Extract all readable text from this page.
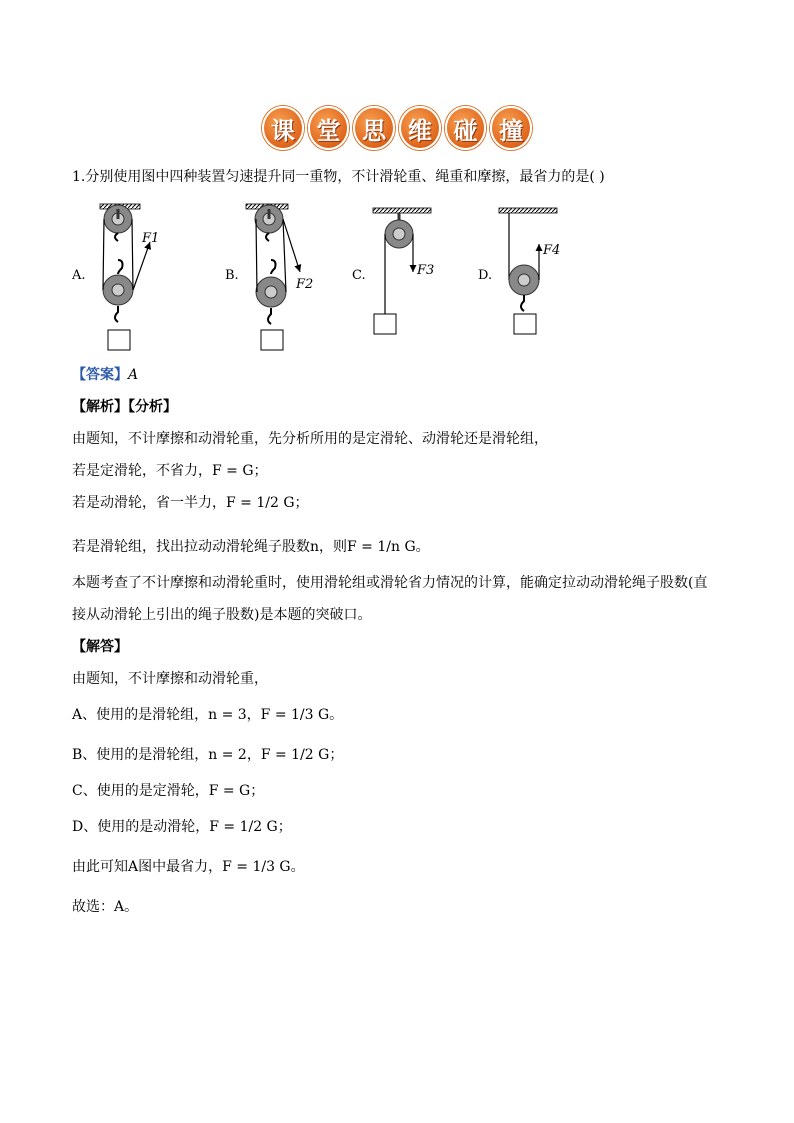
课 堂 思 维 碰 撞
1.分别使用图中四种装置匀速提升同一重物，不计滑轮重、绳重和摩擦，最省力的是( )
A.	B.	C.	D.
F1
F2
F3
F4
【答案】A
【解析】【分析】
由题知，不计摩擦和动滑轮重，先分析所用的是定滑轮、动滑轮还是滑轮组，
若是定滑轮，不省力，F = G；
若是动滑轮，省一半力，F = 1/2 G；
若是滑轮组，找出拉动动滑轮绳子股数n，则F = 1/n G。
本题考查了不计摩擦和动滑轮重时，使用滑轮组或滑轮省力情况的计算，能确定拉动动滑轮绳子股数(直
接从动滑轮上引出的绳子股数)是本题的突破口。
【解答】
由题知，不计摩擦和动滑轮重，
A、使用的是滑轮组，n = 3，F = 1/3 G。
B、使用的是滑轮组，n = 2，F = 1/2 G；
C、使用的是定滑轮，F = G；
D、使用的是动滑轮，F = 1/2 G；
由此可知A图中最省力，F = 1/3 G。
故选：A。
